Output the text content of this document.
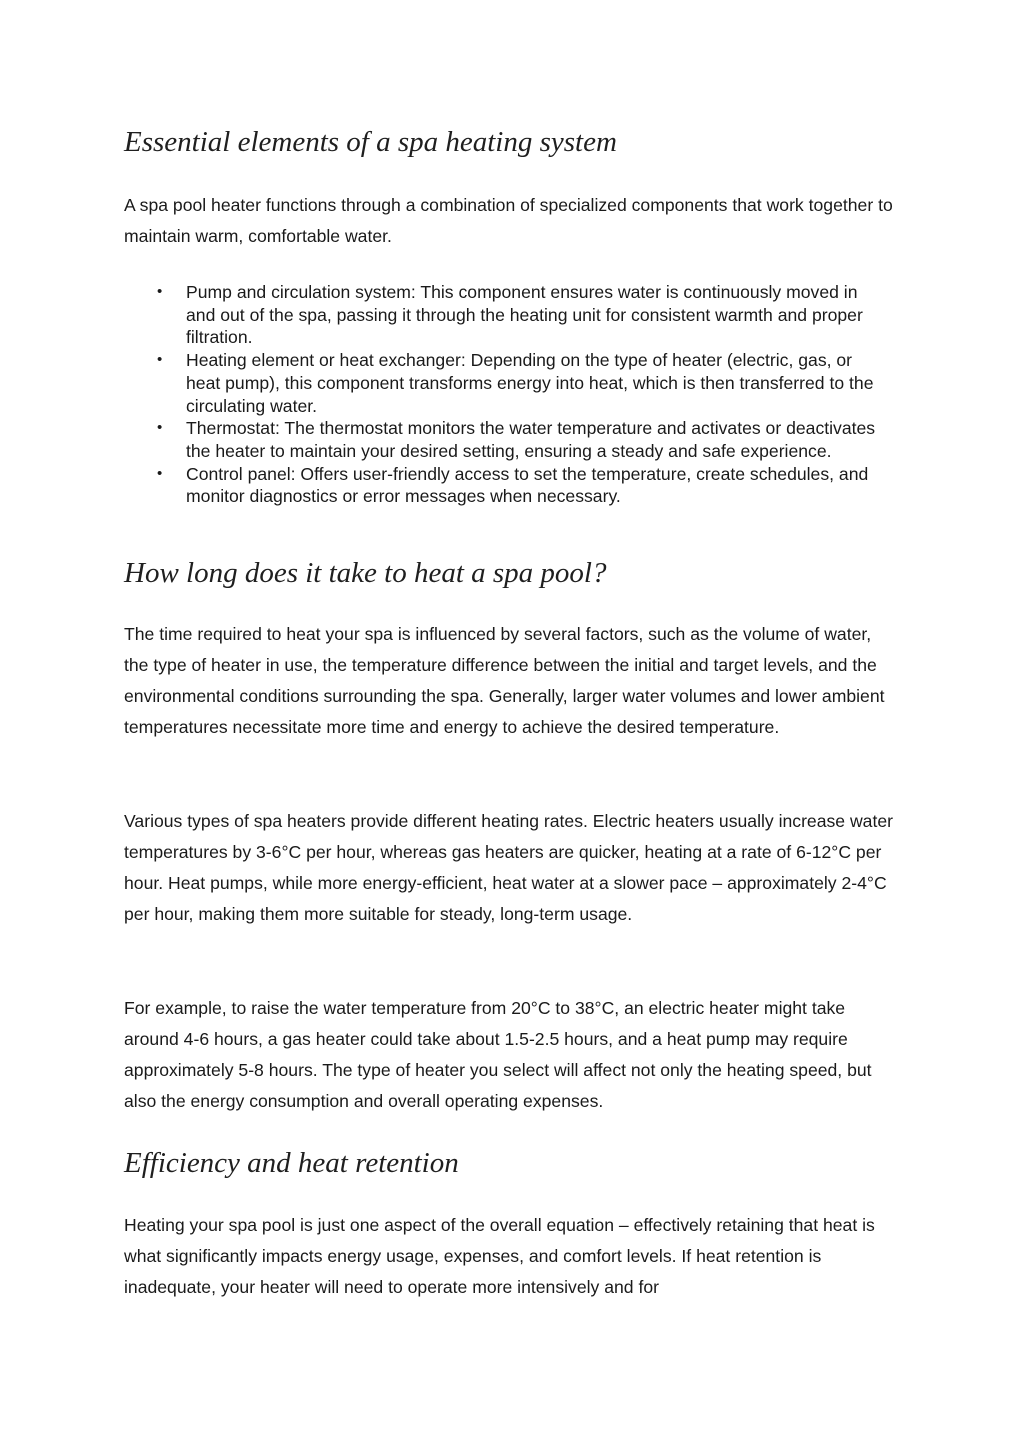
Essential elements of a spa heating system

A spa pool heater functions through a combination of specialized components that work together to maintain warm, comfortable water.

• Pump and circulation system: This component ensures water is continuously moved in and out of the spa, passing it through the heating unit for consistent warmth and proper filtration.
• Heating element or heat exchanger: Depending on the type of heater (electric, gas, or heat pump), this component transforms energy into heat, which is then transferred to the circulating water.
• Thermostat: The thermostat monitors the water temperature and activates or deactivates the heater to maintain your desired setting, ensuring a steady and safe experience.
• Control panel: Offers user-friendly access to set the temperature, create schedules, and monitor diagnostics or error messages when necessary.
How long does it take to heat a spa pool?

The time required to heat your spa is influenced by several factors, such as the volume of water, the type of heater in use, the temperature difference between the initial and target levels, and the environmental conditions surrounding the spa. Generally, larger water volumes and lower ambient temperatures necessitate more time and energy to achieve the desired temperature.

Various types of spa heaters provide different heating rates. Electric heaters usually increase water temperatures by 3-6°C per hour, whereas gas heaters are quicker, heating at a rate of 6-12°C per hour. Heat pumps, while more energy-efficient, heat water at a slower pace – approximately 2-4°C per hour, making them more suitable for steady, long-term usage.

For example, to raise the water temperature from 20°C to 38°C, an electric heater might take around 4-6 hours, a gas heater could take about 1.5-2.5 hours, and a heat pump may require approximately 5-8 hours. The type of heater you select will affect not only the heating speed, but also the energy consumption and overall operating expenses.

Efficiency and heat retention

Heating your spa pool is just one aspect of the overall equation – effectively retaining that heat is what significantly impacts energy usage, expenses, and comfort levels. If heat retention is inadequate, your heater will need to operate more intensively and for
